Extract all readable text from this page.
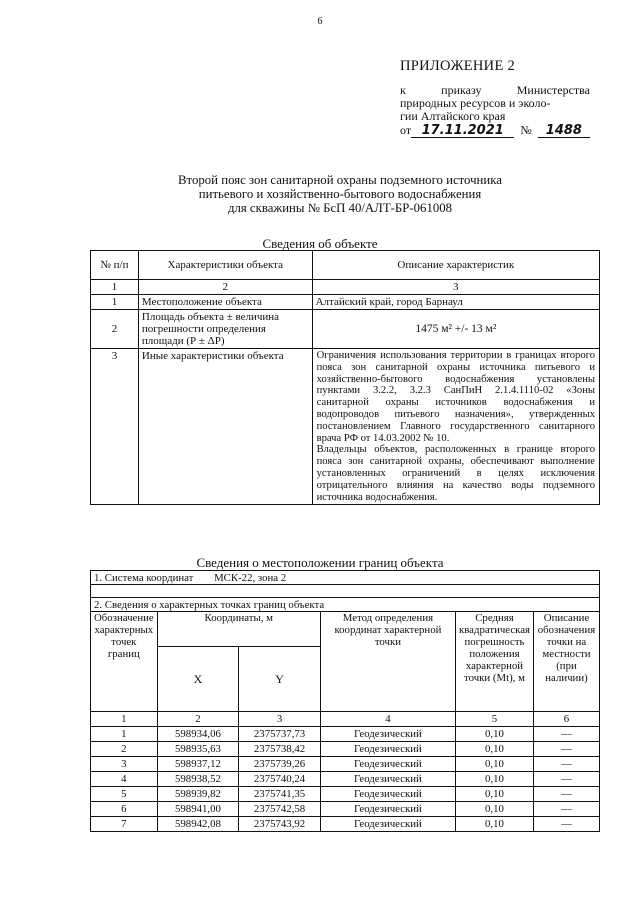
6
ПРИЛОЖЕНИЕ 2
к	приказу	Министерства
природных ресурсов и эколо-
гии Алтайского края
от 17.11.2021	№	1488
Второй пояс зон санитарной охраны подземного источника
питьевого и хозяйственно-бытового водоснабжения
для скважины № БсП 40/АЛТ-БР-061008
Сведения об объекте
№ п/п	Характеристики объекта	Описание характеристик
1	2	3
1	Местоположение объекта	Алтайский край, город Барнаул
2	Площадь объекта ± величина погрешности определения площади (Р ± ΔР)	1475 м² +/- 13 м²
3	Иные характеристики объекта	Ограничения использования территории в границах второго пояса зон санитарной охраны источника питьевого и хозяйственно-бытового водоснабжения установлены пунктами 3.2.2, 3.2.3 СанПиН 2.1.4.1110-02 «Зоны санитарной охраны источников водоснабжения и водопроводов питьевого назначения», утвержденных постановлением Главного государственного санитарного врача РФ от 14.03.2002 № 10.
Владельцы объектов, расположенных в границе второго пояса зон санитарной охраны, обеспечивают выполнение установленных ограничений в целях исключения отрицательного влияния на качество воды подземного источника водоснабжения.
Сведения о местоположении границ объекта
1. Система координат МСК-22, зона 2					

2. Сведения о характерных точках границ объекта					
Обозначение характерных точек границ	Координаты, м		Метод определения координат характерной точки	Средняя квадратическая погрешность положения характерной точки (Mt), м	Описание обозначения точки на местности (при наличии)
	X	Y			
1	2	3	4	5	6
1	598934,06	2375737,73	Геодезический	0,10	—
2	598935,63	2375738,42	Геодезический	0,10	—
3	598937,12	2375739,26	Геодезический	0,10	—
4	598938,52	2375740,24	Геодезический	0,10	—
5	598939,82	2375741,35	Геодезический	0,10	—
6	598941,00	2375742,58	Геодезический	0,10	—
7	598942,08	2375743,92	Геодезический	0,10	—
